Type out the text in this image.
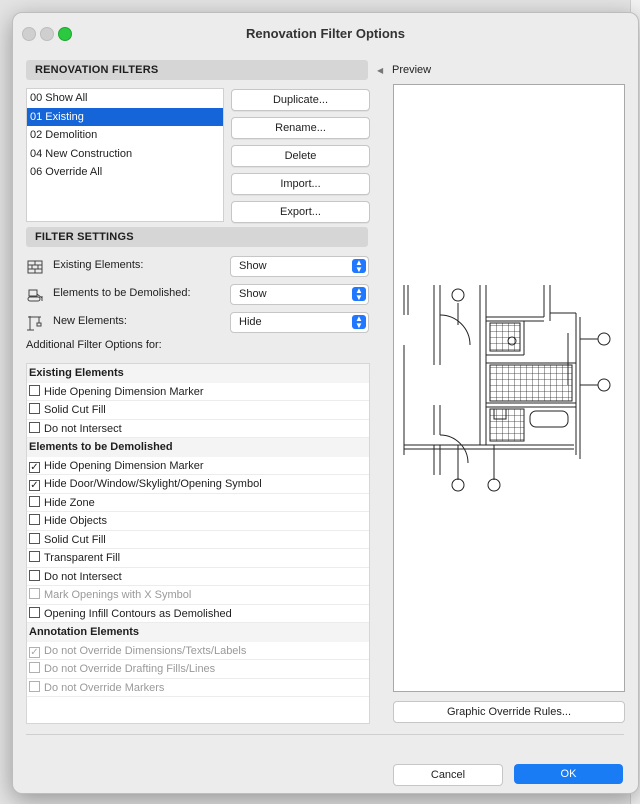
Renovation Filter Options
RENOVATION FILTERS
00 Show All
01 Existing
02 Demolition
04 New Construction
06 Override All
Duplicate...
Rename...
Delete
Import...
Export...
FILTER SETTINGS
Existing Elements:	Show	▲
▼
Elements to be Demolished:	Show	▲
▼
New Elements:	Hide	▲
▼
Additional Filter Options for:
Existing Elements
Hide Opening Dimension Marker
Solid Cut Fill
Do not Intersect
Elements to be Demolished
✓ Hide Opening Dimension Marker
✓ Hide Door/Window/Skylight/Opening Symbol
Hide Zone
Hide Objects
Solid Cut Fill
Transparent Fill
Do not Intersect
Mark Openings with X Symbol
Opening Infill Contours as Demolished
Annotation Elements
✓ Do not Override Dimensions/Texts/Labels
Do not Override Drafting Fills/Lines
Do not Override Markers
◀ Preview
Graphic Override Rules...
Cancel	OK
